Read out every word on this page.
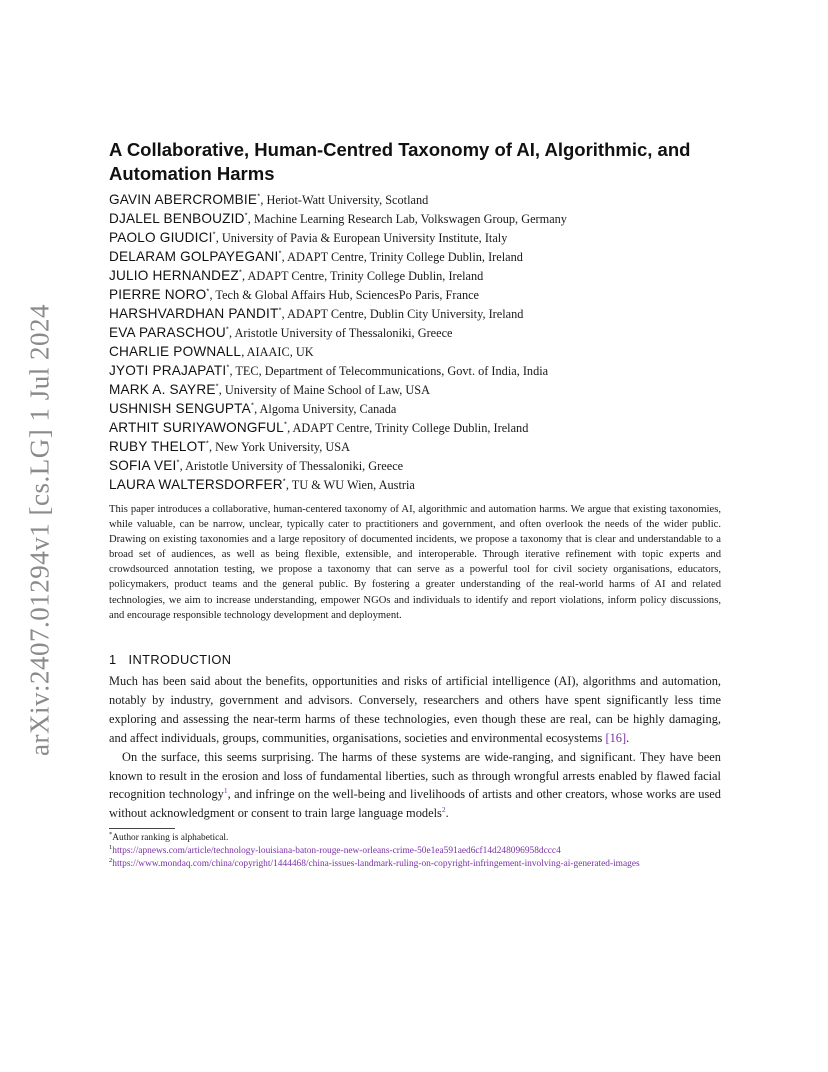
arXiv:2407.01294v1 [cs.LG] 1 Jul 2024
A Collaborative, Human-Centred Taxonomy of AI, Algorithmic, and Automation Harms
GAVIN ABERCROMBIE*, Heriot-Watt University, Scotland
DJALEL BENBOUZID*, Machine Learning Research Lab, Volkswagen Group, Germany
PAOLO GIUDICI*, University of Pavia & European University Institute, Italy
DELARAM GOLPAYEGANI*, ADAPT Centre, Trinity College Dublin, Ireland
JULIO HERNANDEZ*, ADAPT Centre, Trinity College Dublin, Ireland
PIERRE NORO*, Tech & Global Affairs Hub, SciencesPo Paris, France
HARSHVARDHAN PANDIT*, ADAPT Centre, Dublin City University, Ireland
EVA PARASCHOU*, Aristotle University of Thessaloniki, Greece
CHARLIE POWNALL, AIAAIC, UK
JYOTI PRAJAPATI*, TEC, Department of Telecommunications, Govt. of India, India
MARK A. SAYRE*, University of Maine School of Law, USA
USHNISH SENGUPTA*, Algoma University, Canada
ARTHIT SURIYAWONGFUL*, ADAPT Centre, Trinity College Dublin, Ireland
RUBY THELOT*, New York University, USA
SOFIA VEI*, Aristotle University of Thessaloniki, Greece
LAURA WALTERSDORFER*, TU & WU Wien, Austria

This paper introduces a collaborative, human-centered taxonomy of AI, algorithmic and automation harms. We argue that existing taxonomies, while valuable, can be narrow, unclear, typically cater to practitioners and government, and often overlook the needs of the wider public. Drawing on existing taxonomies and a large repository of documented incidents, we propose a taxonomy that is clear and understandable to a broad set of audiences, as well as being flexible, extensible, and interoperable. Through iterative refinement with topic experts and crowdsourced annotation testing, we propose a taxonomy that can serve as a powerful tool for civil society organisations, educators, policymakers, product teams and the general public. By fostering a greater understanding of the real-world harms of AI and related technologies, we aim to increase understanding, empower NGOs and individuals to identify and report violations, inform policy discussions, and encourage responsible technology development and deployment.

1 INTRODUCTION

Much has been said about the benefits, opportunities and risks of artificial intelligence (AI), algorithms and automation, notably by industry, government and advisors. Conversely, researchers and others have spent significantly less time exploring and assessing the near-term harms of these technologies, even though these are real, can be highly damaging, and affect individuals, groups, communities, organisations, societies and environmental ecosystems [16].

On the surface, this seems surprising. The harms of these systems are wide-ranging, and significant. They have been known to result in the erosion and loss of fundamental liberties, such as through wrongful arrests enabled by flawed facial recognition technology$^1$, and infringe on the well-being and livelihoods of artists and other creators, whose works are used without acknowledgment or consent to train large language models$^2$.

*Author ranking is alphabetical.
$^1$https://apnews.com/article/technology-louisiana-baton-rouge-new-orleans-crime-50e1ea591aed6cf14d248096958dccc4
$^2$https://www.mondaq.com/china/copyright/1444468/china-issues-landmark-ruling-on-copyright-infringement-involving-ai-generated-images
